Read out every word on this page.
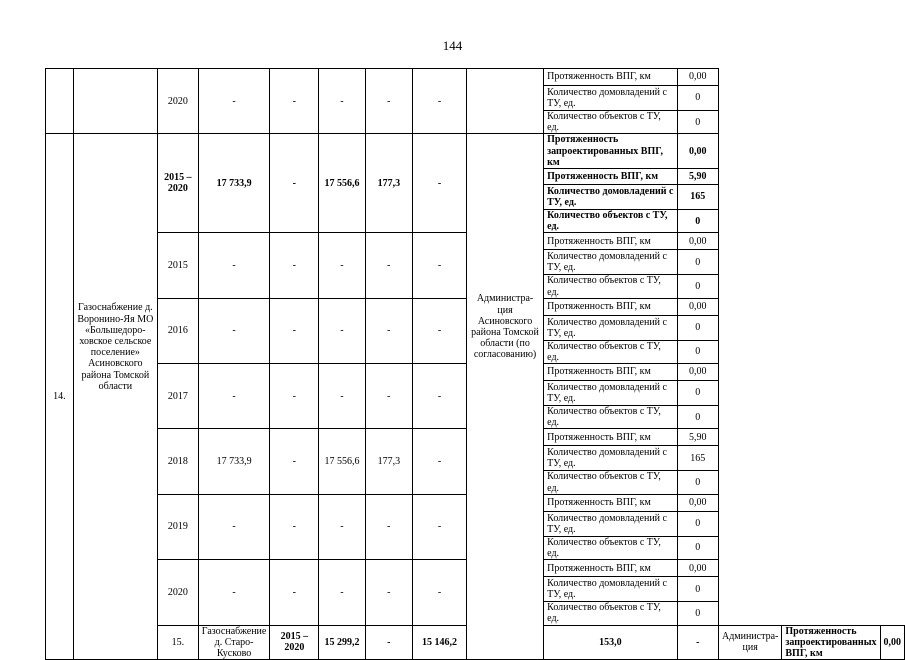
144
		2020	-	-	-	-	-		Протяженность ВПГ, км	0,00			
									Количество домовладений с ТУ, ед.	0			
									Количество объектов с ТУ, ед.	0			
14.	Газоснабжение д. Воронино-Яя МО «Большедоро-ховское сельское поселение» Асиновского района Томской области	2015 – 2020	17 733,9	-	17 556,6	177,3	-	Администра-ция Асиновского района Томской области (по согласованию)	Протяженность запроектированных ВПГ, км	0,00			
									Протяженность ВПГ, км	5,90			
									Количество домовладений с ТУ, ед.	165			
									Количество объектов с ТУ, ед.	0			
		2015	-	-	-	-	-		Протяженность ВПГ, км	0,00			
									Количество домовладений с ТУ, ед.	0			
									Количество объектов с ТУ, ед.	0			
		2016	-	-	-	-	-		Протяженность ВПГ, км	0,00			
									Количество домовладений с ТУ, ед.	0			
									Количество объектов с ТУ, ед.	0			
		2017	-	-	-	-	-		Протяженность ВПГ, км	0,00			
									Количество домовладений с ТУ, ед.	0			
									Количество объектов с ТУ, ед.	0			
		2018	17 733,9	-	17 556,6	177,3	-		Протяженность ВПГ, км	5,90			
									Количество домовладений с ТУ, ед.	165			
									Количество объектов с ТУ, ед.	0			
		2019	-	-	-	-	-		Протяженность ВПГ, км	0,00			
									Количество домовладений с ТУ, ед.	0			
									Количество объектов с ТУ, ед.	0			
		2020	-	-	-	-	-		Протяженность ВПГ, км	0,00			
									Количество домовладений с ТУ, ед.	0			
									Количество объектов с ТУ, ед.	0			
		15.	Газоснабжение д. Старо-Кусково	2015 – 2020	15 299,2	-	15 146,2		153,0	-	Администра-ция	Протяженность запроектированных ВПГ, км	0,00
